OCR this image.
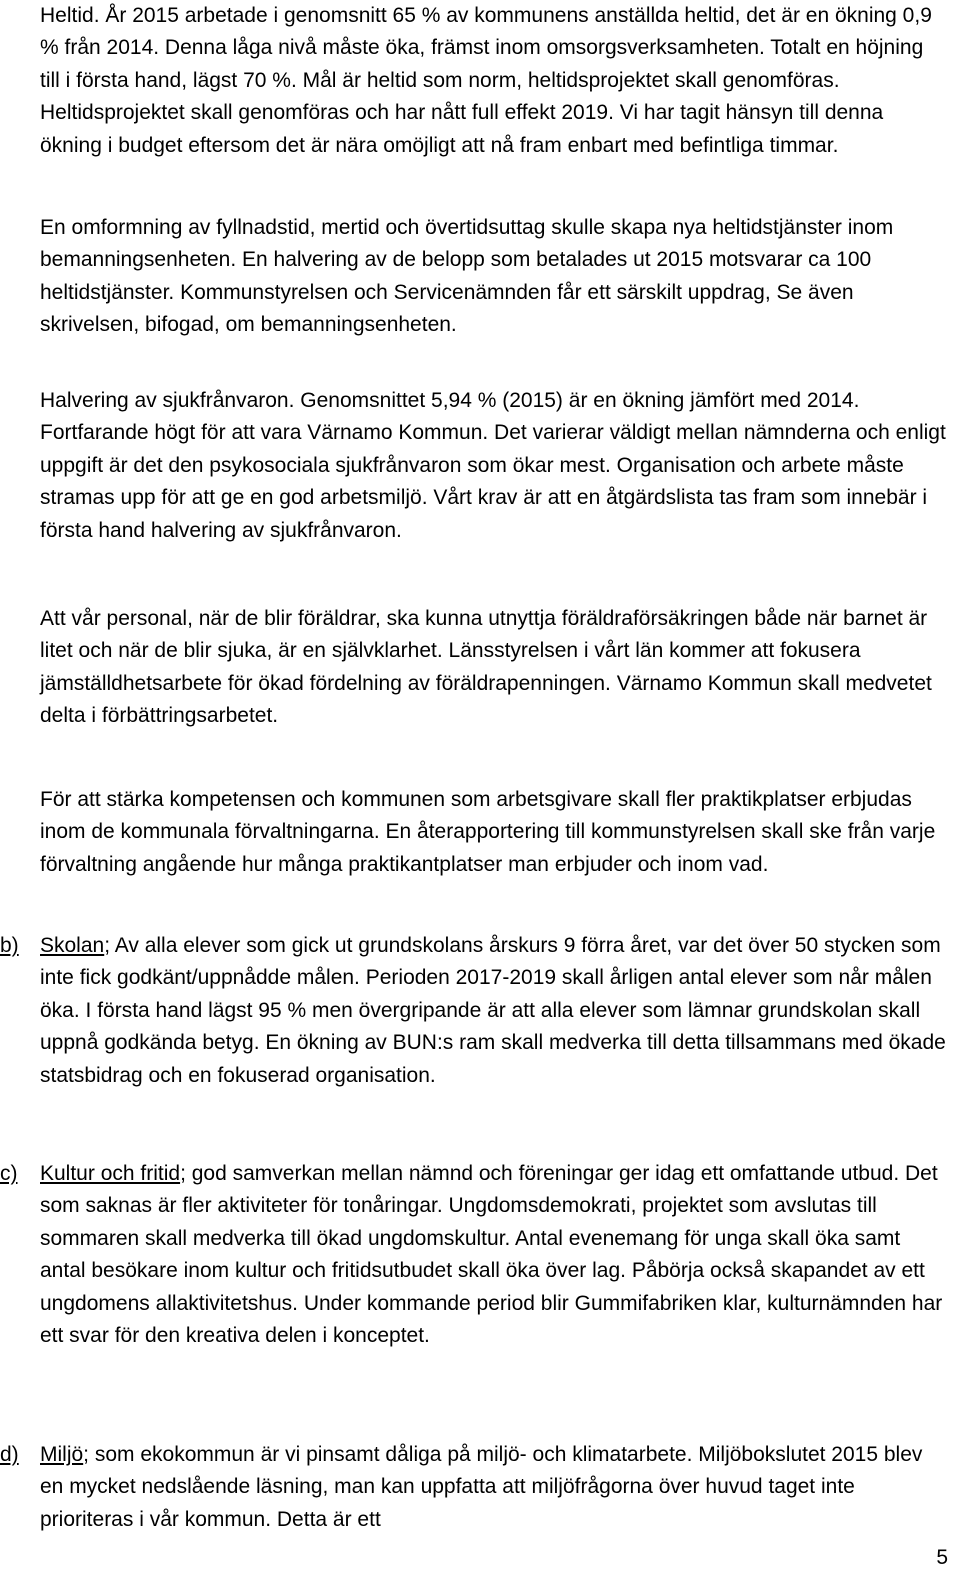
Heltid. År 2015 arbetade i genomsnitt 65 % av kommunens anställda heltid, det är en ökning 0,9 % från 2014. Denna låga nivå måste öka, främst inom omsorgsverksamheten. Totalt en höjning till i första hand, lägst 70 %. Mål är heltid som norm, heltidsprojektet skall genomföras. Heltidsprojektet skall genomföras och har nått full effekt 2019. Vi har tagit hänsyn till denna ökning i budget eftersom det är nära omöjligt att nå fram enbart med befintliga timmar.

En omformning av fyllnadstid, mertid och övertidsuttag skulle skapa nya heltidstjänster inom bemanningsenheten. En halvering av de belopp som betalades ut 2015 motsvarar ca 100 heltidstjänster. Kommunstyrelsen och Servicenämnden får ett särskilt uppdrag, Se även skrivelsen, bifogad, om bemanningsenheten.

Halvering av sjukfrånvaron. Genomsnittet 5,94 % (2015) är en ökning jämfört med 2014. Fortfarande högt för att vara Värnamo Kommun. Det varierar väldigt mellan nämnderna och enligt uppgift är det den psykosociala sjukfrånvaron som ökar mest. Organisation och arbete måste stramas upp för att ge en god arbetsmiljö. Vårt krav är att en åtgärdslista tas fram som innebär i första hand halvering av sjukfrånvaron.

Att vår personal, när de blir föräldrar, ska kunna utnyttja föräldraförsäkringen både när barnet är litet och när de blir sjuka, är en självklarhet. Länsstyrelsen i vårt län kommer att fokusera jämställdhetsarbete för ökad fördelning av föräldrapenningen. Värnamo Kommun skall medvetet delta i förbättringsarbetet.

För att stärka kompetensen och kommunen som arbetsgivare skall fler praktikplatser erbjudas inom de kommunala förvaltningarna. En återapportering till kommunstyrelsen skall ske från varje förvaltning angående hur många praktikantplatser man erbjuder och inom vad.

b) Skolan; Av alla elever som gick ut grundskolans årskurs 9 förra året, var det över 50 stycken som inte fick godkänt/uppnådde målen. Perioden 2017-2019 skall årligen antal elever som når målen öka. I första hand lägst 95 % men övergripande är att alla elever som lämnar grundskolan skall uppnå godkända betyg. En ökning av BUN:s ram skall medverka till detta tillsammans med ökade statsbidrag och en fokuserad organisation.

c) Kultur och fritid; god samverkan mellan nämnd och föreningar ger idag ett omfattande utbud. Det som saknas är fler aktiviteter för tonåringar. Ungdomsdemokrati, projektet som avslutas till sommaren skall medverka till ökad ungdomskultur. Antal evenemang för unga skall öka samt antal besökare inom kultur och fritidsutbudet skall öka över lag. Påbörja också skapandet av ett ungdomens allaktivitetshus. Under kommande period blir Gummifabriken klar, kulturnämnden har ett svar för den kreativa delen i konceptet.

d) Miljö; som ekokommun är vi pinsamt dåliga på miljö- och klimatarbete. Miljöbokslutet 2015 blev en mycket nedslående läsning, man kan uppfatta att miljöfrågorna över huvud taget inte prioriteras i vår kommun. Detta är ett

5
